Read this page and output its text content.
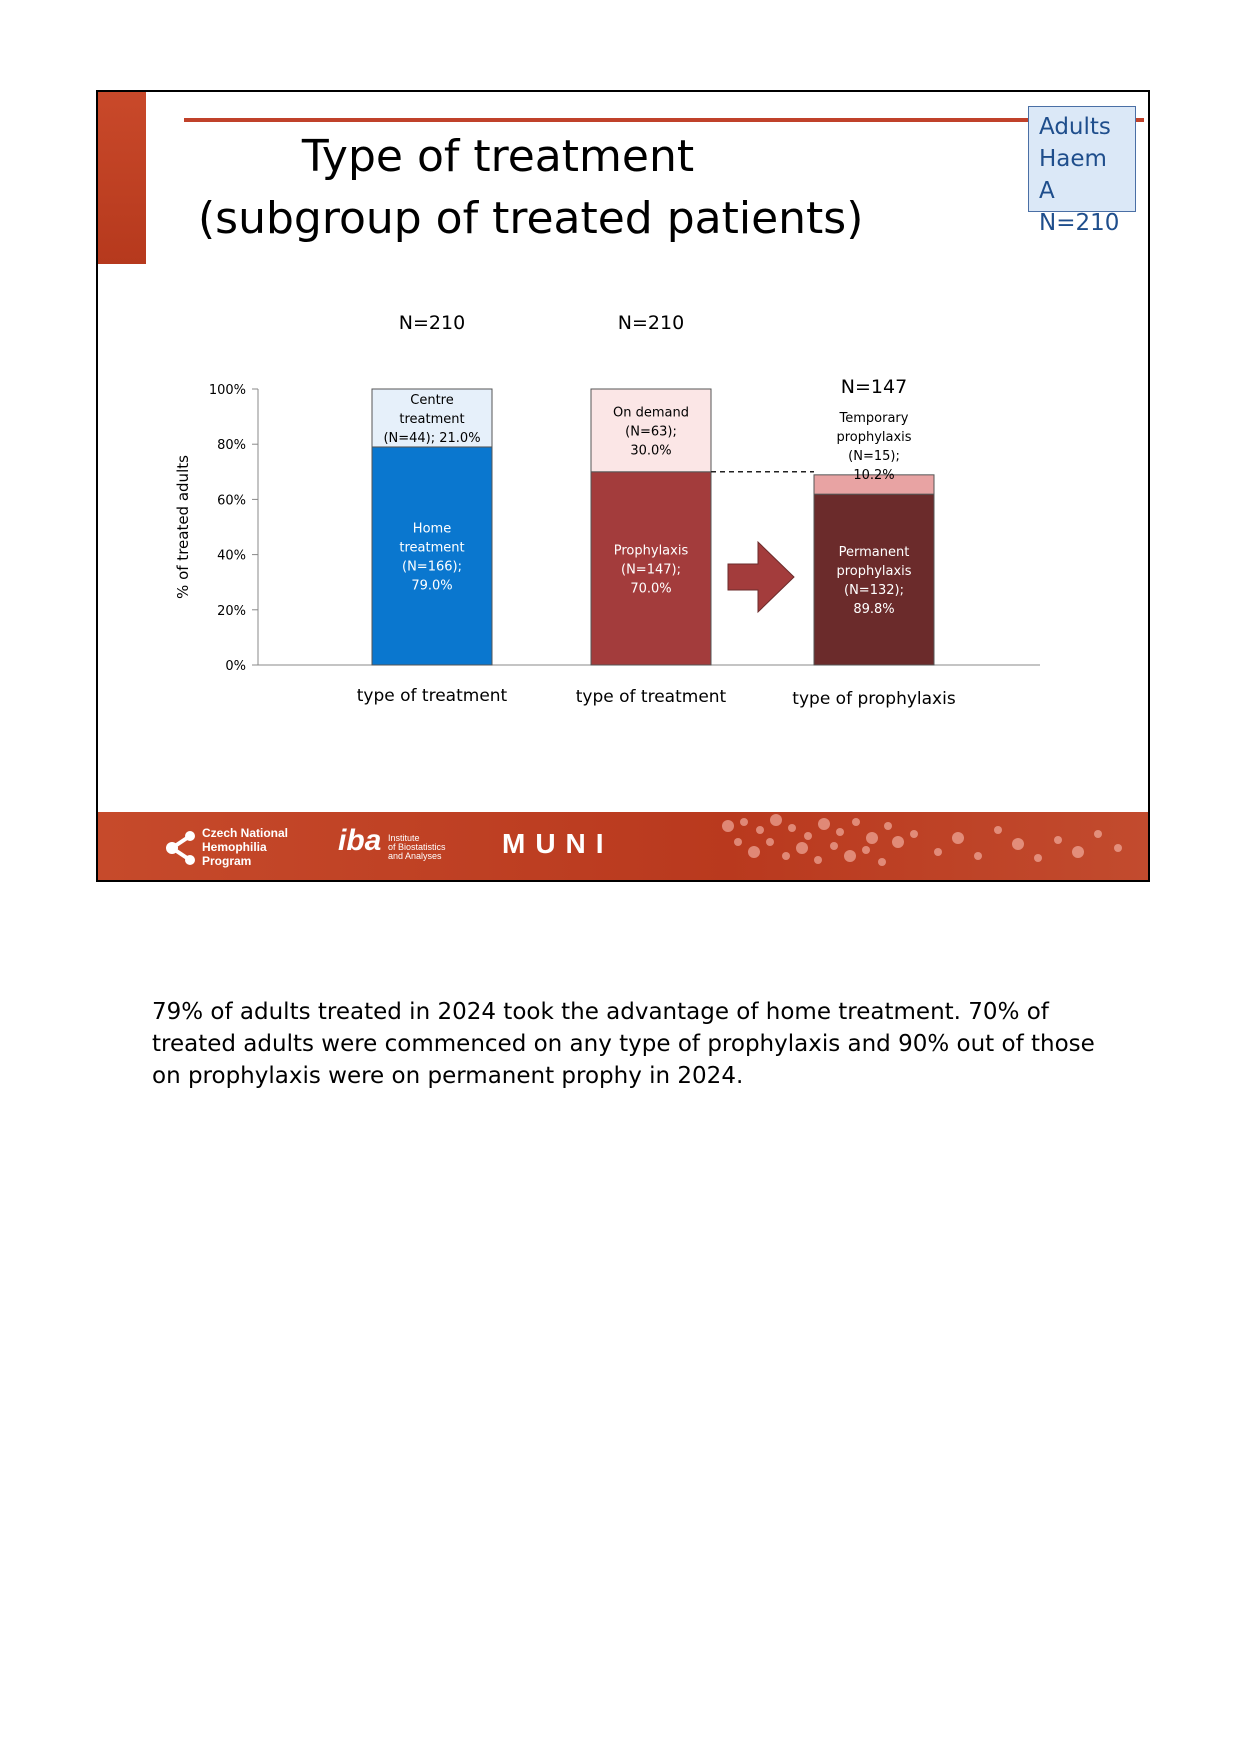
Type of treatment
(subgroup of treated patients)
Adults
Haem A
N=210
0%
20%
40%
60%
80%
100%
% of treated adults	Home
treatment
(N=166);
79.0%
Centre
treatment
(N=44); 21.0%
type of treatment
N=210
Prophylaxis
(N=147);
70.0%
On demand
(N=63);
30.0%
type of treatment
N=210
Permanent
prophylaxis
(N=132);
89.8%
Temporary
prophylaxis
(N=15);
10.2%
type of prophylaxis
N=147
Czech National
Hemophilia
Program
iba Institute
of Biostatistics
and Analyses MUNI
79% of adults treated in 2024 took the advantage of home treatment. 70% of treated adults were commenced on any type of prophylaxis and 90% out of those on prophylaxis were on permanent prophy in 2024.
